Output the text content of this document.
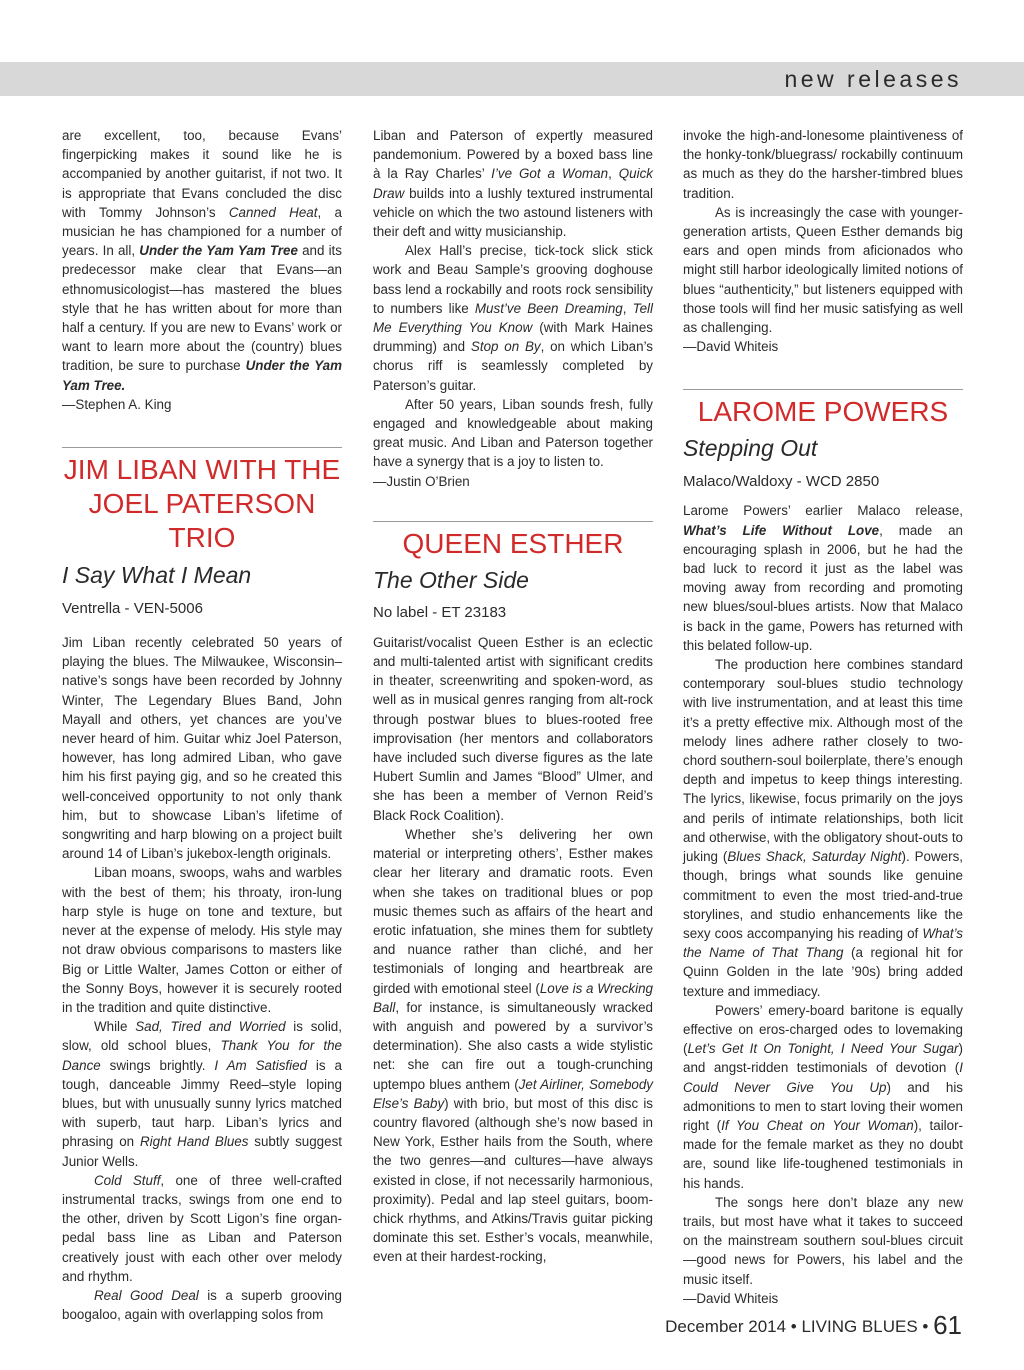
new releases

are excellent, too, because Evans’ fingerpicking makes it sound like he is accompanied by another guitarist, if not two. It is appropriate that Evans concluded the disc with Tommy Johnson’s Canned Heat, a musician he has championed for a number of years. In all, Under the Yam Yam Tree and its predecessor make clear that Evans—an ethnomusicologist—has mastered the blues style that he has written about for more than half a century. If you are new to Evans’ work or want to learn more about the (country) blues tradition, be sure to purchase Under the Yam Yam Tree.

—Stephen A. King

JIM LIBAN WITH THE JOEL PATERSON TRIO

I Say What I Mean

Ventrella - VEN-5006

Jim Liban recently celebrated 50 years of playing the blues. The Milwaukee, Wisconsin–native’s songs have been recorded by Johnny Winter, The Legendary Blues Band, John Mayall and others, yet chances are you’ve never heard of him. Guitar whiz Joel Paterson, however, has long admired Liban, who gave him his first paying gig, and so he created this well-conceived opportunity to not only thank him, but to showcase Liban’s lifetime of songwriting and harp blowing on a project built around 14 of Liban’s jukebox-length originals.

Liban moans, swoops, wahs and warbles with the best of them; his throaty, iron-lung harp style is huge on tone and texture, but never at the expense of melody. His style may not draw obvious comparisons to masters like Big or Little Walter, James Cotton or either of the Sonny Boys, however it is securely rooted in the tradition and quite distinctive.

While Sad, Tired and Worried is solid, slow, old school blues, Thank You for the Dance swings brightly. I Am Satisfied is a tough, danceable Jimmy Reed–style loping blues, but with unusually sunny lyrics matched with superb, taut harp. Liban’s lyrics and phrasing on Right Hand Blues subtly suggest Junior Wells.

Cold Stuff, one of three well-crafted instrumental tracks, swings from one end to the other, driven by Scott Ligon’s fine organ-pedal bass line as Liban and Paterson creatively joust with each other over melody and rhythm.

Real Good Deal is a superb grooving boogaloo, again with overlapping solos from

Liban and Paterson of expertly measured pandemonium. Powered by a boxed bass line à la Ray Charles’ I’ve Got a Woman, Quick Draw builds into a lushly textured instrumental vehicle on which the two astound listeners with their deft and witty musicianship.

Alex Hall’s precise, tick-tock slick stick work and Beau Sample’s grooving doghouse bass lend a rockabilly and roots rock sensibility to numbers like Must’ve Been Dreaming, Tell Me Everything You Know (with Mark Haines drumming) and Stop on By, on which Liban’s chorus riff is seamlessly completed by Paterson’s guitar.

After 50 years, Liban sounds fresh, fully engaged and knowledgeable about making great music. And Liban and Paterson together have a synergy that is a joy to listen to.

—Justin O’Brien

QUEEN ESTHER

The Other Side

No label - ET 23183

Guitarist/vocalist Queen Esther is an eclectic and multi-talented artist with significant credits in theater, screenwriting and spoken-word, as well as in musical genres ranging from alt-rock through postwar blues to blues-rooted free improvisation (her mentors and collaborators have included such diverse figures as the late Hubert Sumlin and James “Blood” Ulmer, and she has been a member of Vernon Reid’s Black Rock Coalition).

Whether she’s delivering her own material or interpreting others’, Esther makes clear her literary and dramatic roots. Even when she takes on traditional blues or pop music themes such as affairs of the heart and erotic infatuation, she mines them for subtlety and nuance rather than cliché, and her testimonials of longing and heartbreak are girded with emotional steel (Love is a Wrecking Ball, for instance, is simultaneously wracked with anguish and powered by a survivor’s determination). She also casts a wide stylistic net: she can fire out a tough-crunching uptempo blues anthem (Jet Airliner, Somebody Else’s Baby) with brio, but most of this disc is country flavored (although she’s now based in New York, Esther hails from the South, where the two genres—and cultures—have always existed in close, if not necessarily harmonious, proximity). Pedal and lap steel guitars, boom-chick rhythms, and Atkins/Travis guitar picking dominate this set. Esther’s vocals, meanwhile, even at their hardest-rocking,

invoke the high-and-lonesome plaintiveness of the honky-tonk/bluegrass/ rockabilly continuum as much as they do the harsher-timbred blues tradition.

As is increasingly the case with younger-generation artists, Queen Esther demands big ears and open minds from aficionados who might still harbor ideologically limited notions of blues “authenticity,” but listeners equipped with those tools will find her music satisfying as well as challenging.

—David Whiteis

LAROME POWERS

Stepping Out

Malaco/Waldoxy - WCD 2850

Larome Powers’ earlier Malaco release, What’s Life Without Love, made an encouraging splash in 2006, but he had the bad luck to record it just as the label was moving away from recording and promoting new blues/soul-blues artists. Now that Malaco is back in the game, Powers has returned with this belated follow-up.

The production here combines standard contemporary soul-blues studio technology with live instrumentation, and at least this time it’s a pretty effective mix. Although most of the melody lines adhere rather closely to two-chord southern-soul boilerplate, there’s enough depth and impetus to keep things interesting. The lyrics, likewise, focus primarily on the joys and perils of intimate relationships, both licit and otherwise, with the obligatory shout-outs to juking (Blues Shack, Saturday Night). Powers, though, brings what sounds like genuine commitment to even the most tried-and-true storylines, and studio enhancements like the sexy coos accompanying his reading of What’s the Name of That Thang (a regional hit for Quinn Golden in the late ’90s) bring added texture and immediacy.

Powers’ emery-board baritone is equally effective on eros-charged odes to lovemaking (Let’s Get It On Tonight, I Need Your Sugar) and angst-ridden testimonials of devotion (I Could Never Give You Up) and his admonitions to men to start loving their women right (If You Cheat on Your Woman), tailor-made for the female market as they no doubt are, sound like life-toughened testimonials in his hands.

The songs here don’t blaze any new trails, but most have what it takes to succeed on the mainstream southern soul-blues circuit—good news for Powers, his label and the music itself.

—David Whiteis

December 2014 • LIVING BLUES • 61
